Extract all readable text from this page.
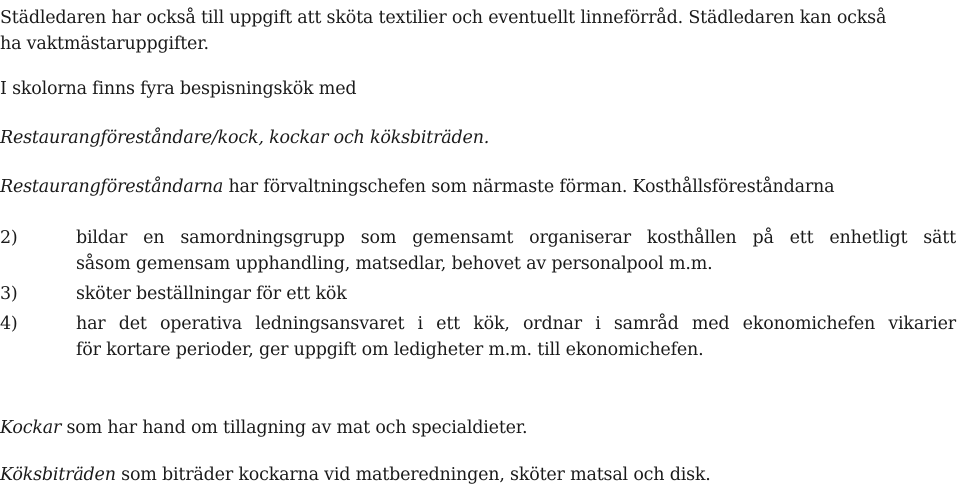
Städledaren har också till uppgift att sköta textilier och eventuellt linneförråd. Städledaren kan också
ha vaktmästaruppgifter.
I skolorna finns fyra bespisningskök med
Restaurangföreståndare/kock, kockar och köksbiträden.
Restaurangföreståndarna har förvaltningschefen som närmaste förman. Kosthållsföreståndarna
2)	bildar en samordningsgrupp som gemensamt organiserar kosthållen på ett enhetligt sätt
såsom gemensam upphandling, matsedlar, behovet av personalpool m.m.
3)	sköter beställningar för ett kök
4)	har det operativa ledningsansvaret i ett kök, ordnar i samråd med ekonomichefen vikarier
för kortare perioder, ger uppgift om ledigheter m.m. till ekonomichefen.
Kockar som har hand om tillagning av mat och specialdieter.
Köksbiträden som biträder kockarna vid matberedningen, sköter matsal och disk.
